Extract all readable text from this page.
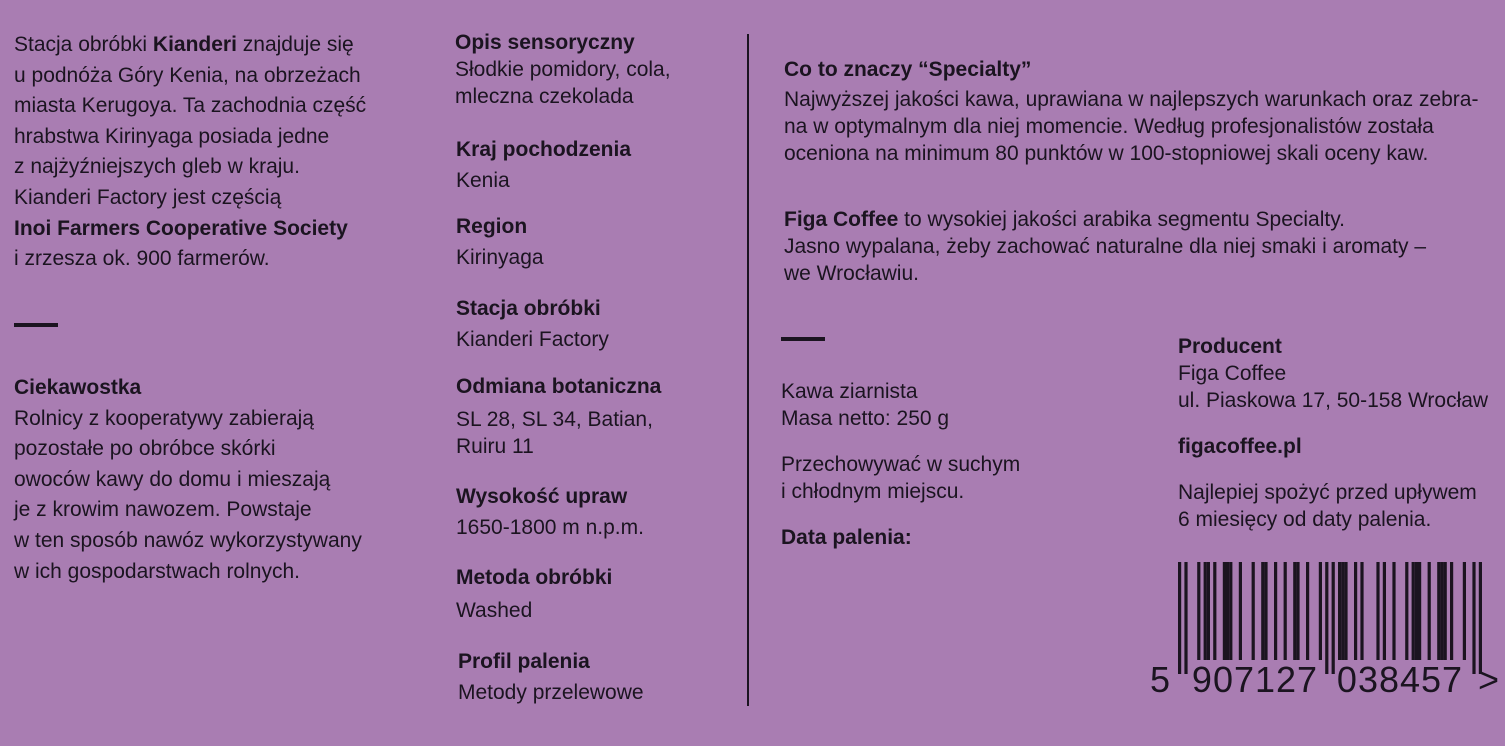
Stacja obróbki Kianderi znajduje się
u podnóża Góry Kenia, na obrzeżach
miasta Kerugoya. Ta zachodnia część
hrabstwa Kirinyaga posiada jedne
z najżyźniejszych gleb w kraju.
Kianderi Factory jest częścią
Inoi Farmers Cooperative Society
i zrzesza ok. 900 farmerów.
Ciekawostka
Rolnicy z kooperatywy zabierają
pozostałe po obróbce skórki
owoców kawy do domu i mieszają
je z krowim nawozem. Powstaje
w ten sposób nawóz wykorzystywany
w ich gospodarstwach rolnych.
Opis sensoryczny
Słodkie pomidory, cola,
mleczna czekolada
Kraj pochodzenia
Kenia
Region
Kirinyaga
Stacja obróbki
Kianderi Factory
Odmiana botaniczna
SL 28, SL 34, Batian,
Ruiru 11
Wysokość upraw
1650-1800 m n.p.m.
Metoda obróbki
Washed
Profil palenia
Metody przelewowe
Co to znaczy “Specialty”
Najwyższej jakości kawa, uprawiana w najlepszych warunkach oraz zebra-
na w optymalnym dla niej momencie. Według profesjonalistów została
oceniona na minimum 80 punktów w 100-stopniowej skali oceny kaw.
Figa Coffee to wysokiej jakości arabika segmentu Specialty.
Jasno wypalana, żeby zachować naturalne dla niej smaki i aromaty –
we Wrocławiu.
Kawa ziarnista
Masa netto: 250 g
Przechowywać w suchym
i chłodnym miejscu.
Data palenia:
Producent
Figa Coffee
ul. Piaskowa 17, 50-158 Wrocław
figacoffee.pl
Najlepiej spożyć przed upływem
6 miesięcy od daty palenia.
5 907127 038457 >
